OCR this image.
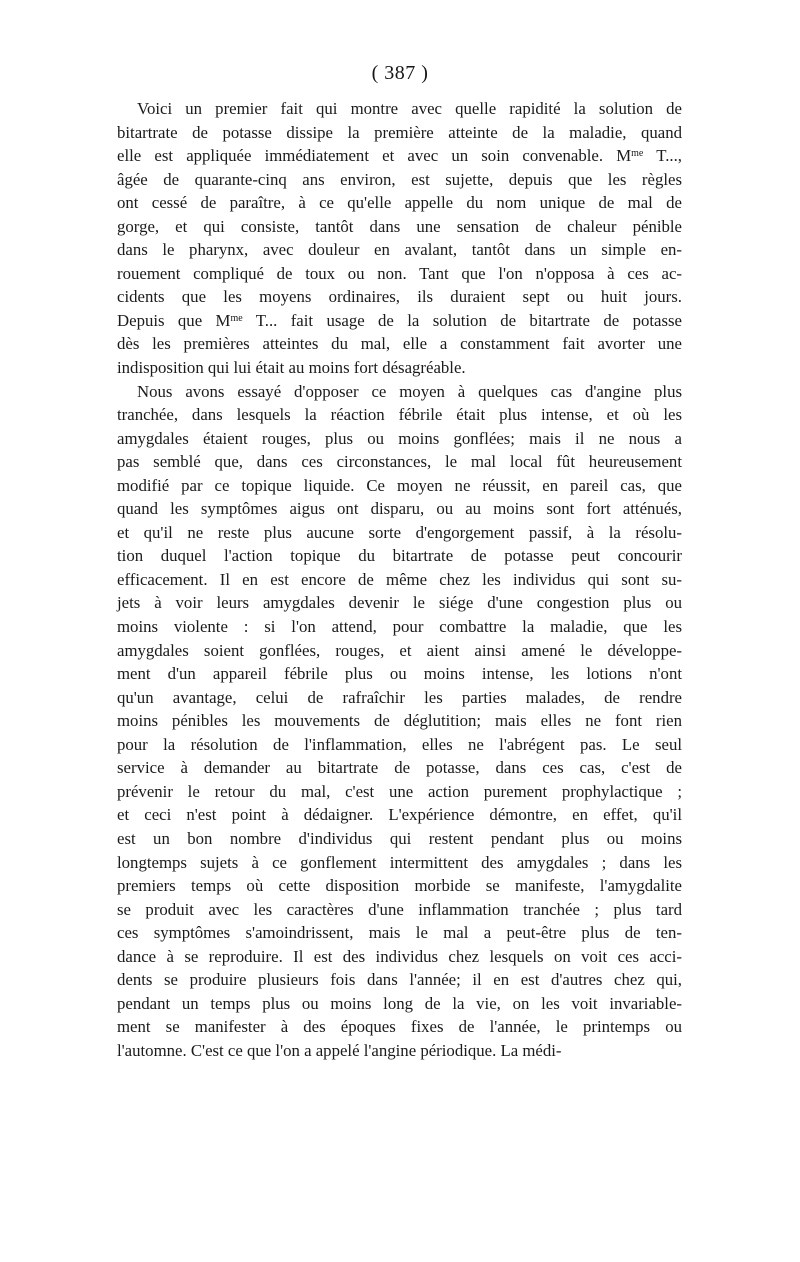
( 387 )

Voici un premier fait qui montre avec quelle rapidité la solution de
bitartrate de potasse dissipe la première atteinte de la maladie, quand
elle est appliquée immédiatement et avec un soin convenable. $M^{me}$ T...,
âgée de quarante-cinq ans environ, est sujette, depuis que les règles
ont cessé de paraître, à ce qu'elle appelle du nom unique de mal de
gorge, et qui consiste, tantôt dans une sensation de chaleur pénible
dans le pharynx, avec douleur en avalant, tantôt dans un simple en-
rouement compliqué de toux ou non. Tant que l'on n'opposa à ces ac-
cidents que les moyens ordinaires, ils duraient sept ou huit jours.
Depuis que $M^{me}$ T... fait usage de la solution de bitartrate de potasse
dès les premières atteintes du mal, elle a constamment fait avorter une
indisposition qui lui était au moins fort désagréable.

Nous avons essayé d'opposer ce moyen à quelques cas d'angine plus
tranchée, dans lesquels la réaction fébrile était plus intense, et où les
amygdales étaient rouges, plus ou moins gonflées; mais il ne nous a
pas semblé que, dans ces circonstances, le mal local fût heureusement
modifié par ce topique liquide. Ce moyen ne réussit, en pareil cas, que
quand les symptômes aigus ont disparu, ou au moins sont fort atténués,
et qu'il ne reste plus aucune sorte d'engorgement passif, à la résolu-
tion duquel l'action topique du bitartrate de potasse peut concourir
efficacement. Il en est encore de même chez les individus qui sont su-
jets à voir leurs amygdales devenir le siége d'une congestion plus ou
moins violente : si l'on attend, pour combattre la maladie, que les
amygdales soient gonflées, rouges, et aient ainsi amené le développe-
ment d'un appareil fébrile plus ou moins intense, les lotions n'ont
qu'un avantage, celui de rafraîchir les parties malades, de rendre
moins pénibles les mouvements de déglutition; mais elles ne font rien
pour la résolution de l'inflammation, elles ne l'abrégent pas. Le seul
service à demander au bitartrate de potasse, dans ces cas, c'est de
prévenir le retour du mal, c'est une action purement prophylactique ;
et ceci n'est point à dédaigner. L'expérience démontre, en effet, qu'il
est un bon nombre d'individus qui restent pendant plus ou moins
longtemps sujets à ce gonflement intermittent des amygdales ; dans les
premiers temps où cette disposition morbide se manifeste, l'amygdalite
se produit avec les caractères d'une inflammation tranchée ; plus tard
ces symptômes s'amoindrissent, mais le mal a peut-être plus de ten-
dance à se reproduire. Il est des individus chez lesquels on voit ces acci-
dents se produire plusieurs fois dans l'année; il en est d'autres chez qui,
pendant un temps plus ou moins long de la vie, on les voit invariable-
ment se manifester à des époques fixes de l'année, le printemps ou
l'automne. C'est ce que l'on a appelé l'angine périodique. La médi-
